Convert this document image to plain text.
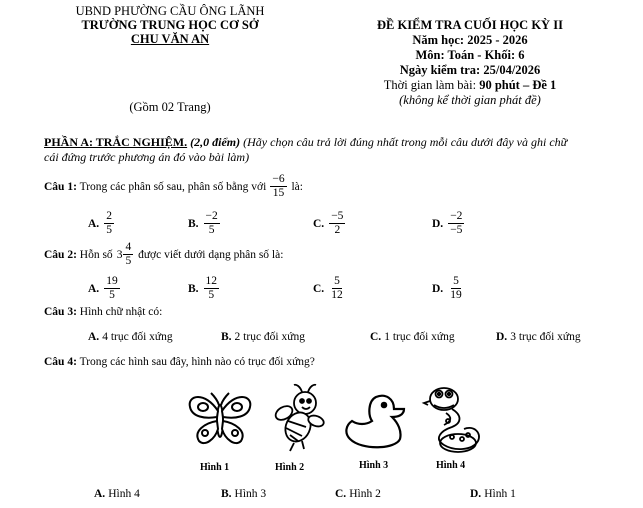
UBND PHƯỜNG CẦU ÔNG LÃNH
TRƯỜNG TRUNG HỌC CƠ SỞ
CHU VĂN AN
(Gồm 02 Trang)
ĐỀ KIỂM TRA CUỐI HỌC KỲ II
Năm học: 2025 - 2026
Môn: Toán - Khối: 6
Ngày kiểm tra: 25/04/2026
Thời gian làm bài: 90 phút – Đề 1
(không kể thời gian phát đề)
PHẦN A: TRẮC NGHIỆM. (2,0 điểm) (Hãy chọn câu trả lời đúng nhất trong mỗi câu dưới đây và ghi chữ
cái đứng trước phương án đó vào bài làm)
Câu 1: Trong các phân số sau, phân số bằng với $\frac{-6}{15}$ là:
A. $\frac{2}{5}$	B. $\frac{-2}{5}$	C. $\frac{-5}{2}$	D. $\frac{-2}{-5}$
Câu 2: Hỗn số $3 \frac{4}{5}$ được viết dưới dạng phân số là:
A. $\frac{19}{5}$	B. $\frac{12}{5}$	C. $\frac{5}{12}$	D. $\frac{5}{19}$
Câu 3: Hình chữ nhật có:
A. 4 trục đối xứng	B. 2 trục đối xứng	C. 1 trục đối xứng	D. 3 trục đối xứng
Câu 4: Trong các hình sau đây, hình nào có trục đối xứng?
Hình 1	Hình 2	Hình 3	Hình 4
A. Hình 4	B. Hình 3	C. Hình 2	D. Hình 1
